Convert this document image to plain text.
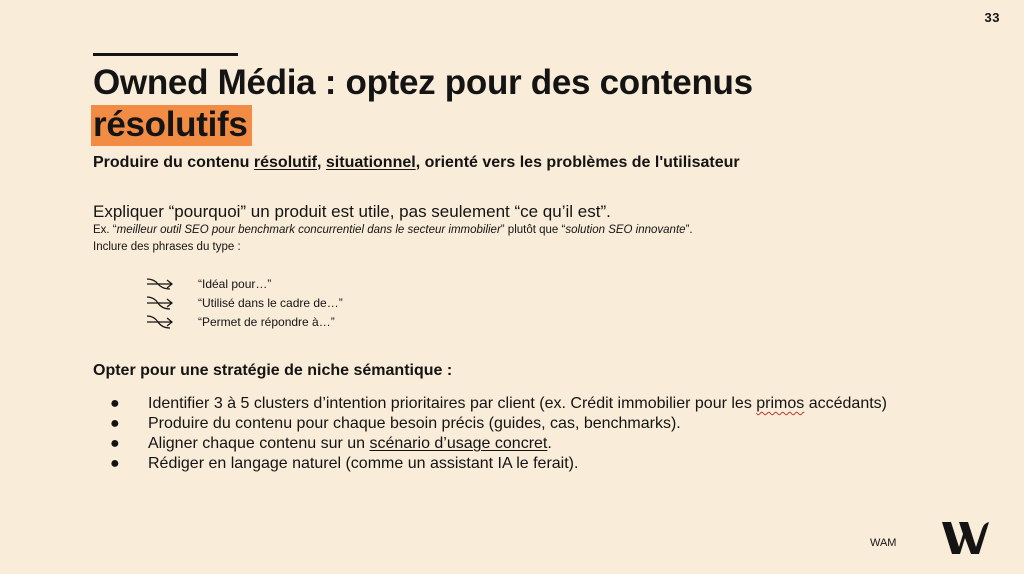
33
Owned Média : optez pour des contenus
résolutifs

Produire du contenu résolutif, situationnel, orienté vers les problèmes de l'utilisateur

Expliquer “pourquoi” un produit est utile, pas seulement “ce qu’il est”.

Ex. “meilleur outil SEO pour benchmark concurrentiel dans le secteur immobilier” plutôt que “solution SEO innovante”.

Inclure des phrases du type :

“Idéal pour…”
“Utilisé dans le cadre de…”
“Permet de répondre à…”

Opter pour une stratégie de niche sémantique :

● Identifier 3 à 5 clusters d’intention prioritaires par client (ex. Crédit immobilier pour les primos accédants)
● Produire du contenu pour chaque besoin précis (guides, cas, benchmarks).
● Aligner chaque contenu sur un scénario d’usage concret.
● Rédiger en langage naturel (comme un assistant IA le ferait).
WAM
